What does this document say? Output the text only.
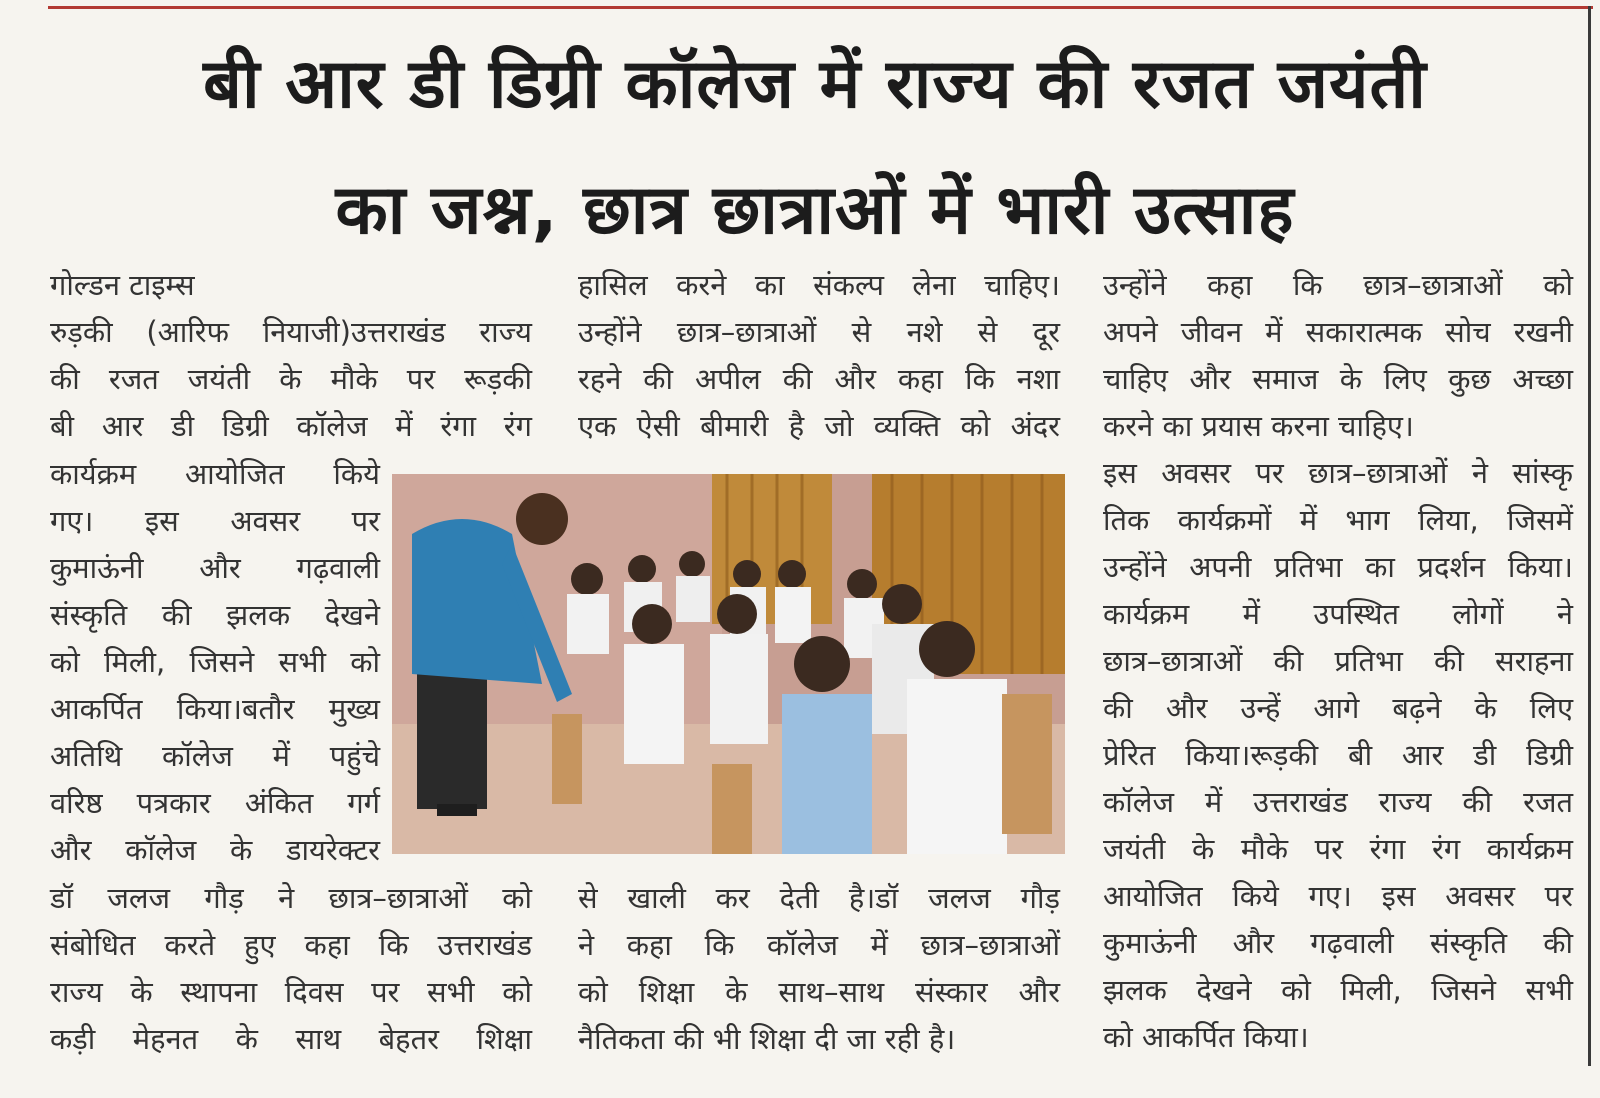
बी आर डी डिग्री कॉलेज में राज्य की रजत जयंती
का जश्न, छात्र छात्राओं में भारी उत्साह
गोल्डन टाइम्स
रुड़की (आरिफ नियाजी)उत्तराखंड राज्य
की रजत जयंती के मौके पर रूड़की
बी आर डी डिग्री कॉलेज में रंगा रंग
कार्यक्रम आयोजित किये
गए। इस अवसर पर
कुमाऊंनी और गढ़वाली
संस्कृति की झलक देखने
को मिली, जिसने सभी को
आकर्पित किया।बतौर मुख्य
अतिथि कॉलेज में पहुंचे
वरिष्ठ पत्रकार अंकित गर्ग
और कॉलेज के डायरेक्टर
डॉ जलज गौड़ ने छात्र–छात्राओं को
संबोधित करते हुए कहा कि उत्तराखंड
राज्य के स्थापना दिवस पर सभी को
कड़ी मेहनत के साथ बेहतर शिक्षा
हासिल करने का संकल्प लेना चाहिए।
उन्होंने छात्र–छात्राओं से नशे से दूर
रहने की अपील की और कहा कि नशा
एक ऐसी बीमारी है जो व्यक्ति को अंदर
से खाली कर देती है।डॉ जलज गौड़
ने कहा कि कॉलेज में छात्र–छात्राओं
को शिक्षा के साथ–साथ संस्कार और
नैतिकता की भी शिक्षा दी जा रही है।
उन्होंने कहा कि छात्र–छात्राओं को
अपने जीवन में सकारात्मक सोच रखनी
चाहिए और समाज के लिए कुछ अच्छा
करने का प्रयास करना चाहिए।
इस अवसर पर छात्र–छात्राओं ने सांस्कृ
तिक कार्यक्रमों में भाग लिया, जिसमें
उन्होंने अपनी प्रतिभा का प्रदर्शन किया।
कार्यक्रम में उपस्थित लोगों ने
छात्र–छात्राओं की प्रतिभा की सराहना
की और उन्हें आगे बढ़ने के लिए
प्रेरित किया।रूड़की बी आर डी डिग्री
कॉलेज में उत्तराखंड राज्य की रजत
जयंती के मौके पर रंगा रंग कार्यक्रम
आयोजित किये गए। इस अवसर पर
कुमाऊंनी और गढ़वाली संस्कृति की
झलक देखने को मिली, जिसने सभी
को आकर्पित किया।
